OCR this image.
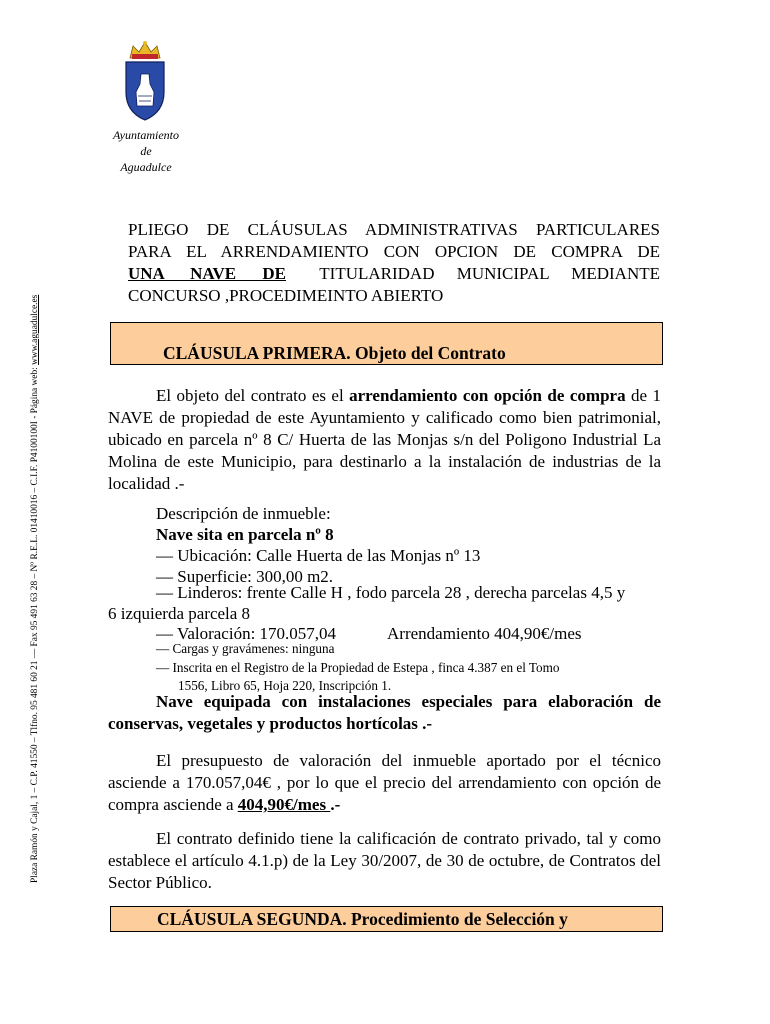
Ayuntamiento
de
Aguadulce
Plaza Ramón y Cajal, 1 – C.P. 41550 – Tlfno. 95 481 60 21 — Fax 95 491 63 28 – Nº R.E.L. 01410016 – C.I.F. P4100100I - Página web: www.aguadulce.es
PLIEGO DE CLÁUSULAS ADMINISTRATIVAS PARTICULARES
PARA EL ARRENDAMIENTO CON OPCION DE COMPRA DE
UNA NAVE DE TITULARIDAD MUNICIPAL MEDIANTE
CONCURSO ,PROCEDIMEINTO ABIERTO
CLÁUSULA PRIMERA. Objeto del Contrato
El objeto del contrato es el arrendamiento con opción de compra de 1 NAVE de propiedad de este Ayuntamiento y calificado como bien patrimonial, ubicado en parcela nº 8 C/ Huerta de las Monjas s/n del Poligono Industrial La Molina de este Municipio, para destinarlo a la instalación de industrias de la localidad .-
Descripción de inmueble:
Nave sita en parcela nº 8
— Ubicación: Calle Huerta de las Monjas nº 13
— Superficie: 300,00 m2.
— Linderos: frente Calle H , fodo parcela 28 , derecha parcelas 4,5 y
6 izquierda parcela 8
— Valoración: 170.057,04	Arrendamiento 404,90€/mes
— Cargas y gravámenes: ninguna
— Inscrita en el Registro de la Propiedad de Estepa , finca 4.387 en el Tomo
1556, Libro 65, Hoja 220, Inscripción 1.
Nave equipada con instalaciones especiales para elaboración de
conservas, vegetales y productos hortícolas .-
El presupuesto de valoración del inmueble aportado por el técnico asciende a 170.057,04€ , por lo que el precio del arrendamiento con opción de compra asciende a 404,90€/mes .-
El contrato definido tiene la calificación de contrato privado, tal y como establece el artículo 4.1.p) de la Ley 30/2007, de 30 de octubre, de Contratos del Sector Público.
CLÁUSULA SEGUNDA. Procedimiento de Selección y
